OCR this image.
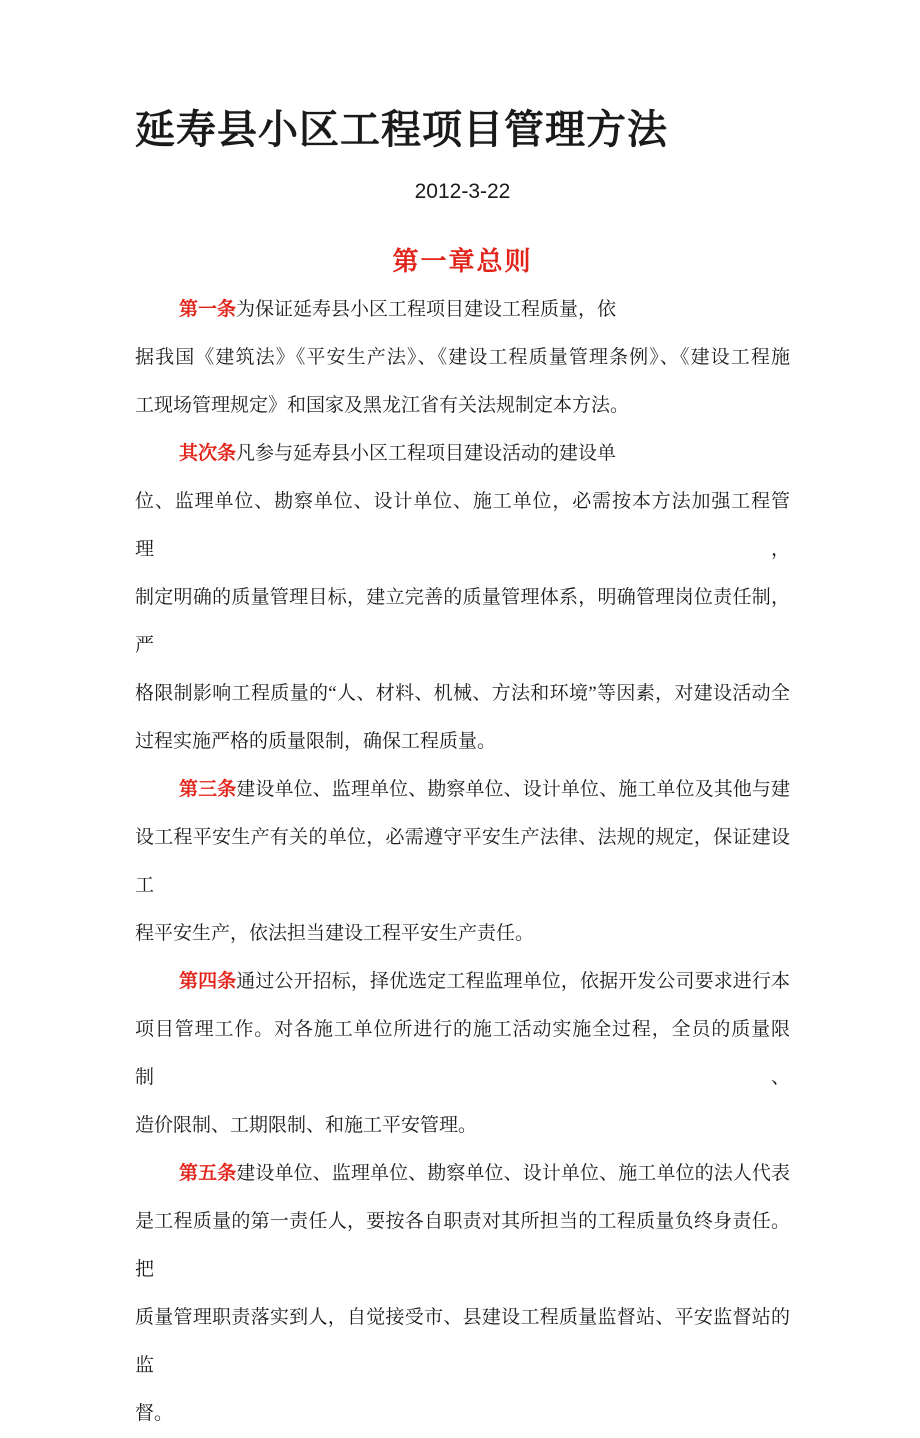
延寿县小区工程项目管理方法
2012-3-22
第一章总则
第一条为保证延寿县小区工程项目建设工程质量，依
据我国《建筑法》《平安生产法》、《建设工程质量管理条例》、《建设工程施
工现场管理规定》和国家及黑龙江省有关法规制定本方法。
其次条凡参与延寿县小区工程项目建设活动的建设单
位、监理单位、勘察单位、设计单位、施工单位，必需按本方法加强工程管理，
制定明确的质量管理目标，建立完善的质量管理体系，明确管理岗位责任制，严
格限制影响工程质量的“人、材料、机械、方法和环境”等因素，对建设活动全
过程实施严格的质量限制，确保工程质量。
第三条建设单位、监理单位、勘察单位、设计单位、施工单位及其他与建
设工程平安生产有关的单位，必需遵守平安生产法律、法规的规定，保证建设工
程平安生产，依法担当建设工程平安生产责任。
第四条通过公开招标，择优选定工程监理单位，依据开发公司要求进行本
项目管理工作。对各施工单位所进行的施工活动实施全过程，全员的质量限制、
造价限制、工期限制、和施工平安管理。
第五条建设单位、监理单位、勘察单位、设计单位、施工单位的法人代表
是工程质量的第一责任人，要按各自职责对其所担当的工程质量负终身责任。把
质量管理职责落实到人，自觉接受市、县建设工程质量监督站、平安监督站的监
督。
